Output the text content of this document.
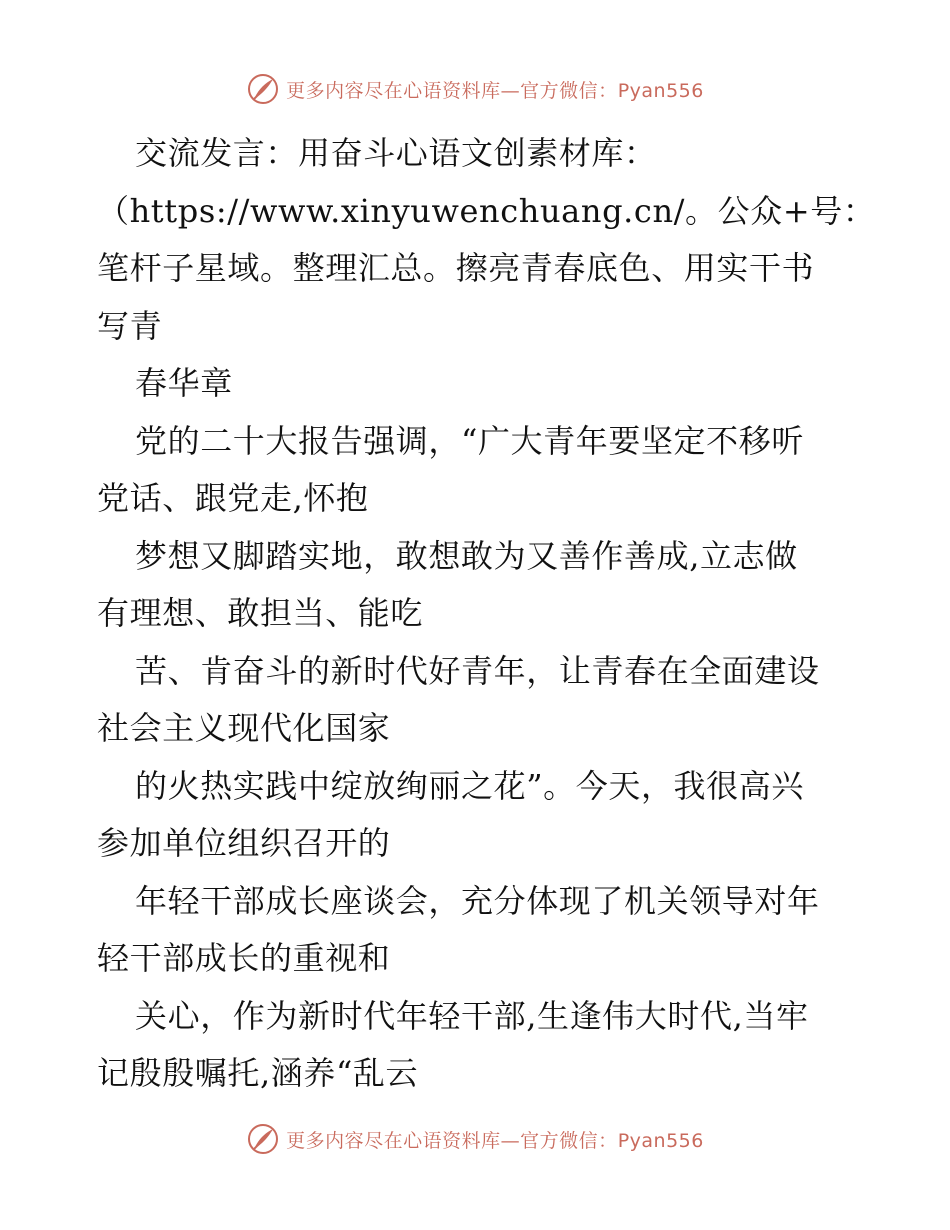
更多内容尽在心语资料库—官方微信：Pyan556
交流发言：用奋斗心语文创素材库：
（https://www.xinyuwenchuang.cn/。公众+号：
笔杆子星域。整理汇总。擦亮青春底色、用实干书
写青
春华章
党的二十大报告强调，“广大青年要坚定不移听
党话、跟党走,怀抱
梦想又脚踏实地，敢想敢为又善作善成,立志做
有理想、敢担当、能吃
苦、肯奋斗的新时代好青年，让青春在全面建设
社会主义现代化国家
的火热实践中绽放绚丽之花”。今天，我很高兴
参加单位组织召开的
年轻干部成长座谈会，充分体现了机关领导对年
轻干部成长的重视和
关心，作为新时代年轻干部,生逢伟大时代,当牢
记殷殷嘱托,涵养“乱云
更多内容尽在心语资料库—官方微信：Pyan556
